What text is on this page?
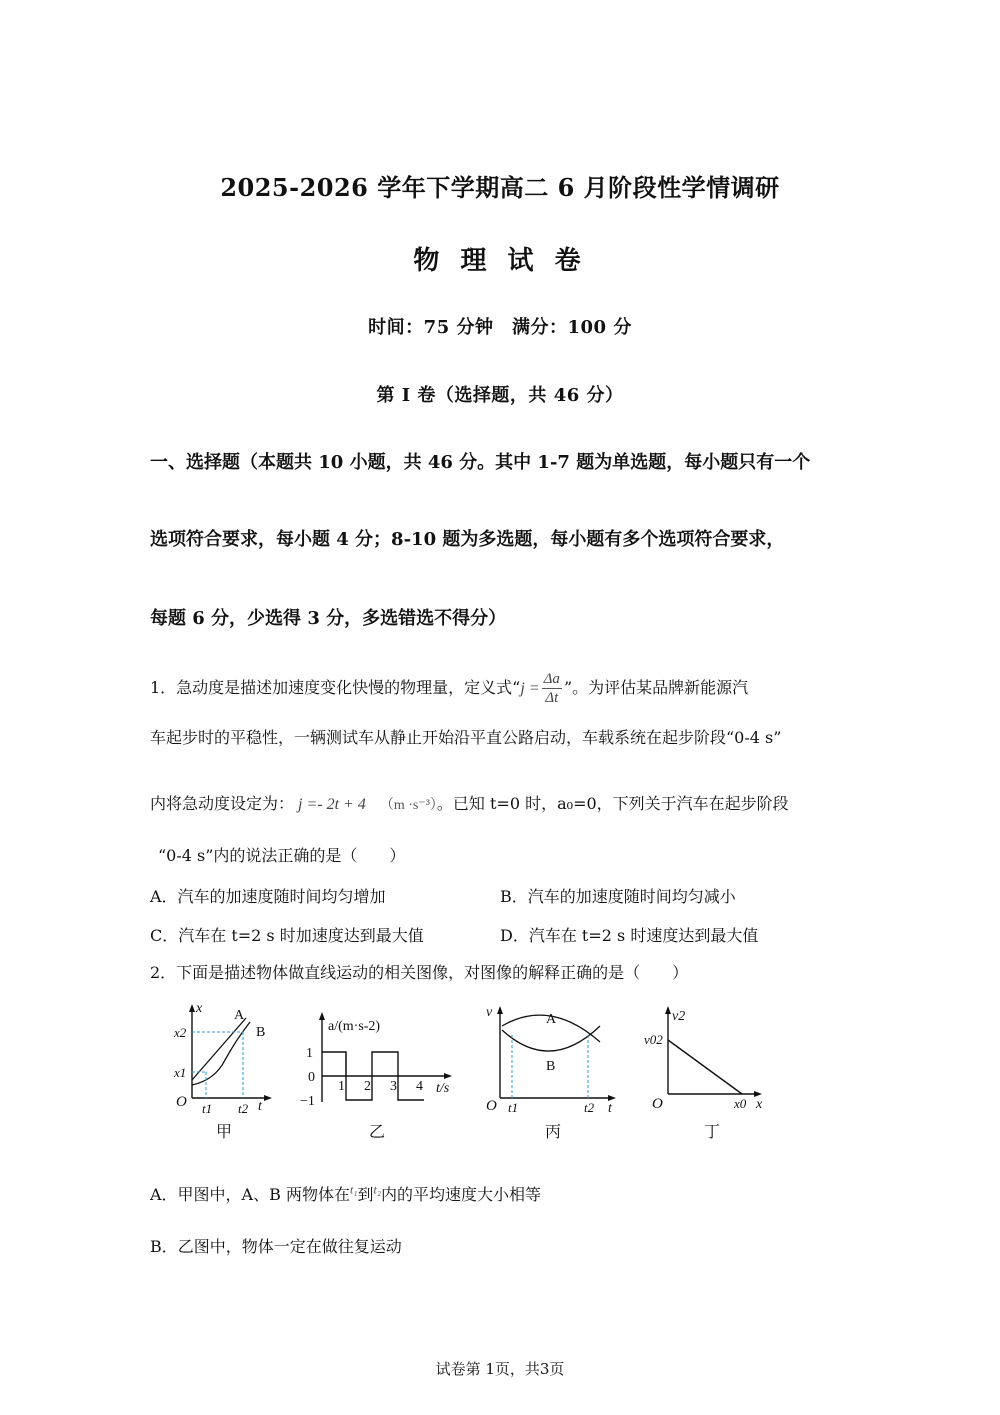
2025-2026 学年下学期高二 6 月阶段性学情调研
物 理 试 卷
时间：75 分钟　满分：100 分
第 I 卷（选择题，共 46 分）
一、选择题（本题共 10 小题，共 46 分。其中 1-7 题为单选题，每小题只有一个
选项符合要求，每小题 4 分；8-10 题为多选题，每小题有多个选项符合要求，
每题 6 分，少选得 3 分，多选错选不得分）
1．急动度是描述加速度变化快慢的物理量，定义式“$j = \frac{\Delta a}{\Delta t}$ ”。为评估某品牌新能源汽
车起步时的平稳性，一辆测试车从静止开始沿平直公路启动，车载系统在起步阶段“0-4 s”
内将急动度设定为： j =- 2t + 4 （m ·s⁻³）。已知 t=0 时，a₀=0，下列关于汽车在起步阶段
“0-4 s”内的说法正确的是（　　）
A．汽车的加速度随时间均匀增加	B．汽车的加速度随时间均匀减小
C．汽车在 t=2 s 时加速度达到最大值	D．汽车在 t=2 s 时速度达到最大值
2．下面是描述物体做直线运动的相关图像，对图像的解释正确的是（　　）
x
t
O
x1
x2
t1 t2
A
B
甲
1
0
−1
1 2 3 4
a/(m·s-2)
t/s
乙
v
t
O t1	t2
A
B
丙
v2
x
O
v02
x0
丁
A．甲图中，A、B 两物体在$^{t_1}$到$^{t_2}$内的平均速度大小相等
B．乙图中，物体一定在做往复运动
试卷第 1页，共3页
